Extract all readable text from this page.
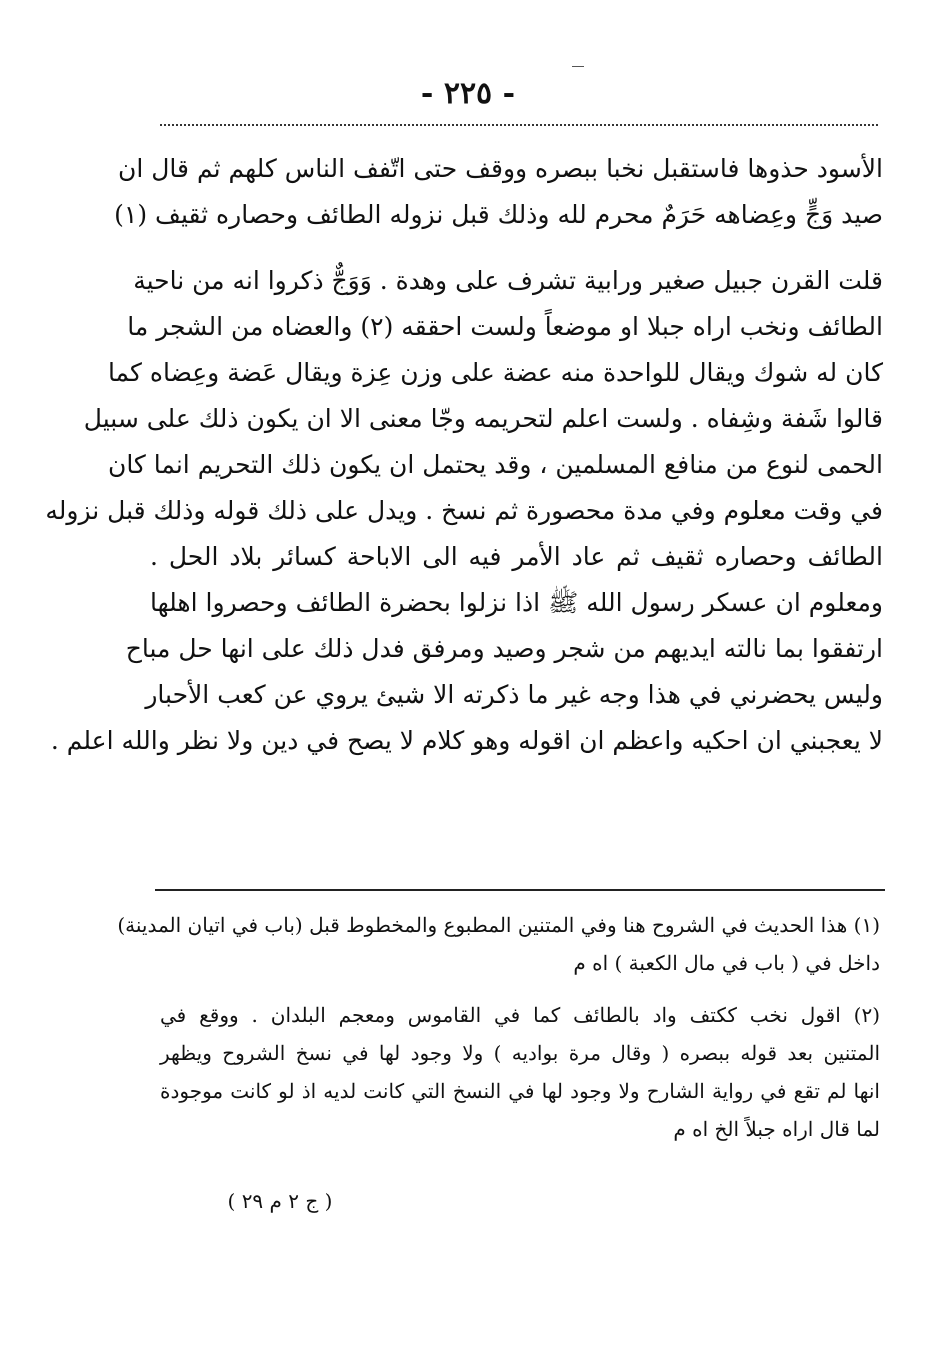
- ٢٢٥ -
الأسود حذوها فاستقبل نخبا ببصره ووقف حتى اتّفف الناس كلهم ثم قال ان
صيد وَجٍّ وعِضاهه حَرَمٌ محرم لله وذلك قبل نزوله الطائف وحصاره ثقيف (١)
قلت القرن جبيل صغير ورابية تشرف على وهدة . وَوَجٌّ ذكروا انه من ناحية
الطائف ونخب اراه جبلا او موضعاً ولست احققه (٢) والعضاه من الشجر ما
كان له شوك ويقال للواحدة منه عضة على وزن عِزة ويقال عَضة وعِضاه كما
قالوا شَفة وشِفاه . ولست اعلم لتحريمه وجّا معنى الا ان يكون ذلك على سبيل
الحمى لنوع من منافع المسلمين ، وقد يحتمل ان يكون ذلك التحريم انما كان
في وقت معلوم وفي مدة محصورة ثم نسخ . ويدل على ذلك قوله وذلك قبل نزوله
الطائف وحصاره ثقيف ثم عاد الأمر فيه الى الاباحة كسائر بلاد الحل .
ومعلوم ان عسكر رسول الله ﷺ اذا نزلوا بحضرة الطائف وحصروا اهلها
ارتفقوا بما نالته ايديهم من شجر وصيد ومرفق فدل ذلك على انها حل مباح
وليس يحضرني في هذا وجه غير ما ذكرته الا شيئ يروي عن كعب الأحبار
لا يعجبني ان احكيه واعظم ان اقوله وهو كلام لا يصح في دين ولا نظر والله اعلم .
(١) هذا الحديث في الشروح هنا وفي المتنين المطبوع والمخطوط قبل (باب في اتيان المدينة)
داخل في ( باب في مال الكعبة ) اه م
(٢) اقول نخب ككتف واد بالطائف كما في القاموس ومعجم البلدان . ووقع في
المتنين بعد قوله ببصره ( وقال مرة بواديه ) ولا وجود لها في نسخ الشروح ويظهر
انها لم تقع في رواية الشارح ولا وجود لها في النسخ التي كانت لديه اذ لو كانت موجودة
لما قال اراه جبلاً الخ اه م
( ج ٢ م ٢٩ )
